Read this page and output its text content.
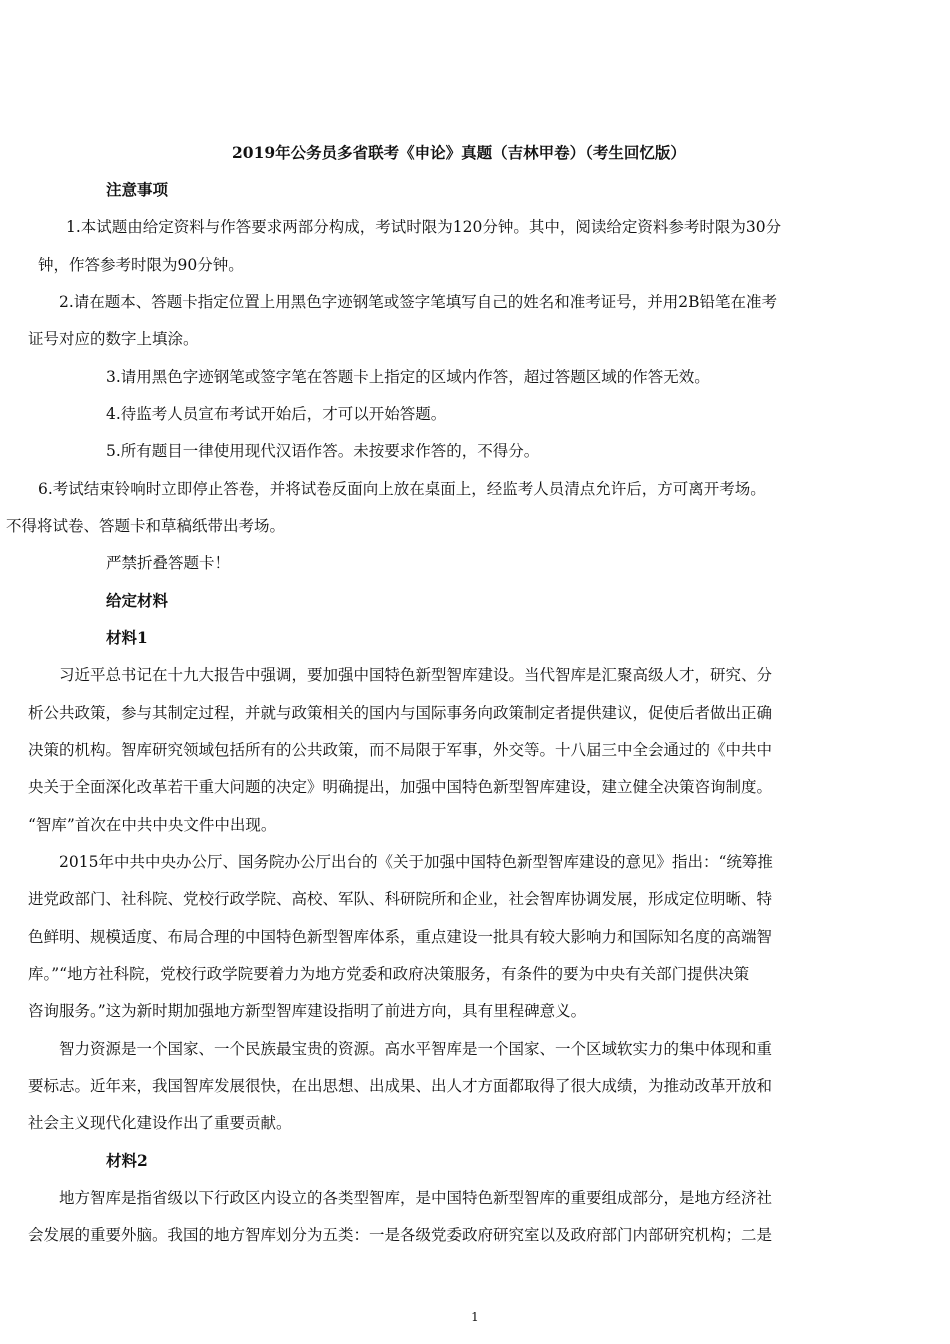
2019年公务员多省联考《申论》真题（吉林甲卷）（考生回忆版）
注意事项
1.本试题由给定资料与作答要求两部分构成，考试时限为120分钟。其中，阅读给定资料参考时限为30分
钟，作答参考时限为90分钟。
2.请在题本、答题卡指定位置上用黑色字迹钢笔或签字笔填写自己的姓名和准考证号，并用2B铅笔在准考
证号对应的数字上填涂。
3.请用黑色字迹钢笔或签字笔在答题卡上指定的区域内作答，超过答题区域的作答无效。
4.待监考人员宣布考试开始后，才可以开始答题。
5.所有题目一律使用现代汉语作答。未按要求作答的，不得分。
6.考试结束铃响时立即停止答卷，并将试卷反面向上放在桌面上，经监考人员清点允许后，方可离开考场。
不得将试卷、答题卡和草稿纸带出考场。
严禁折叠答题卡！
给定材料
材料1
习近平总书记在十九大报告中强调，要加强中国特色新型智库建设。当代智库是汇聚高级人才，研究、分
析公共政策，参与其制定过程，并就与政策相关的国内与国际事务向政策制定者提供建议，促使后者做出正确
决策的机构。智库研究领域包括所有的公共政策，而不局限于军事，外交等。十八届三中全会通过的《中共中
央关于全面深化改革若干重大问题的决定》明确提出，加强中国特色新型智库建设，建立健全决策咨询制度。
“智库”首次在中共中央文件中出现。
2015年中共中央办公厅、国务院办公厅出台的《关于加强中国特色新型智库建设的意见》指出：“统筹推
进党政部门、社科院、党校行政学院、高校、军队、科研院所和企业，社会智库协调发展，形成定位明晰、特
色鲜明、规模适度、布局合理的中国特色新型智库体系，重点建设一批具有较大影响力和国际知名度的高端智
库。”“地方社科院，党校行政学院要着力为地方党委和政府决策服务，有条件的要为中央有关部门提供决策
咨询服务。”这为新时期加强地方新型智库建设指明了前进方向，具有里程碑意义。
智力资源是一个国家、一个民族最宝贵的资源。高水平智库是一个国家、一个区域软实力的集中体现和重
要标志。近年来，我国智库发展很快，在出思想、出成果、出人才方面都取得了很大成绩，为推动改革开放和
社会主义现代化建设作出了重要贡献。
材料2
地方智库是指省级以下行政区内设立的各类型智库，是中国特色新型智库的重要组成部分，是地方经济社
会发展的重要外脑。我国的地方智库划分为五类：一是各级党委政府研究室以及政府部门内部研究机构；二是
1
